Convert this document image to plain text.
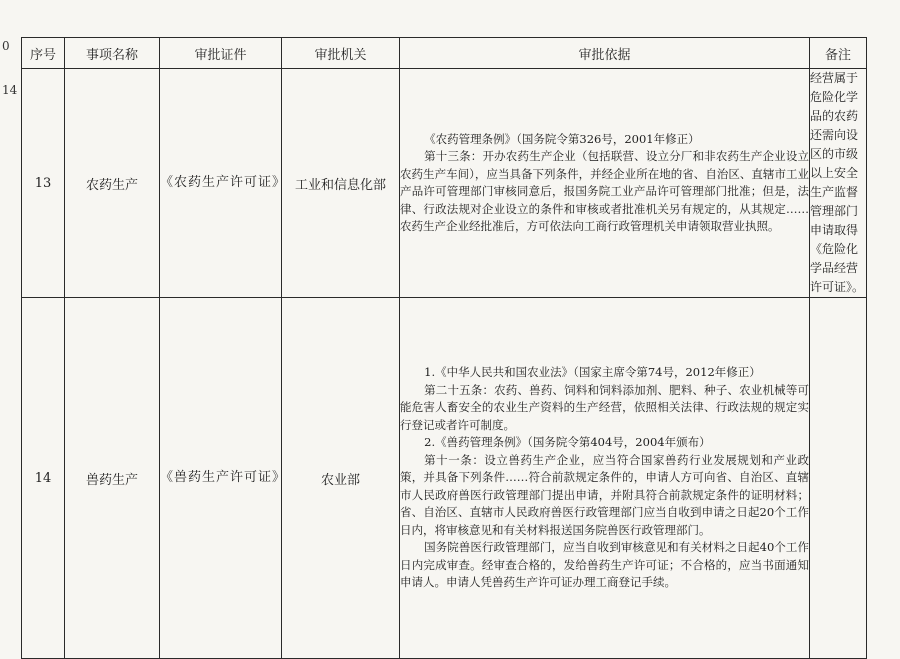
0
14
序号	事项名称	审批证件	审批机关	审批依据	备注
13	农药生产	《农药生产许可证》	工业和信息化部	《农药管理条例》（国务院令第326号，2001年修正）

第十三条：开办农药生产企业（包括联营、设立分厂和非农药生产企业设立农药生产车间），应当具备下列条件，并经企业所在地的省、自治区、直辖市工业产品许可管理部门审核同意后，报国务院工业产品许可管理部门批准；但是，法律、行政法规对企业设立的条件和审核或者批准机关另有规定的，从其规定……农药生产企业经批准后，方可依法向工商行政管理机关申请领取营业执照。	经营属于危险化学品的农药还需向设区的市级以上安全生产监督管理部门申请取得《危险化学品经营许可证》。
14	兽药生产	《兽药生产许可证》	农业部	1.《中华人民共和国农业法》（国家主席令第74号，2012年修正）

第二十五条：农药、兽药、饲料和饲料添加剂、肥料、种子、农业机械等可能危害人畜安全的农业生产资料的生产经营，依照相关法律、行政法规的规定实行登记或者许可制度。

2.《兽药管理条例》（国务院令第404号，2004年颁布）

第十一条：设立兽药生产企业，应当符合国家兽药行业发展规划和产业政策，并具备下列条件……符合前款规定条件的，申请人方可向省、自治区、直辖市人民政府兽医行政管理部门提出申请，并附具符合前款规定条件的证明材料；省、自治区、直辖市人民政府兽医行政管理部门应当自收到申请之日起20个工作日内，将审核意见和有关材料报送国务院兽医行政管理部门。

国务院兽医行政管理部门，应当自收到审核意见和有关材料之日起40个工作日内完成审查。经审查合格的，发给兽药生产许可证；不合格的，应当书面通知申请人。申请人凭兽药生产许可证办理工商登记手续。	
